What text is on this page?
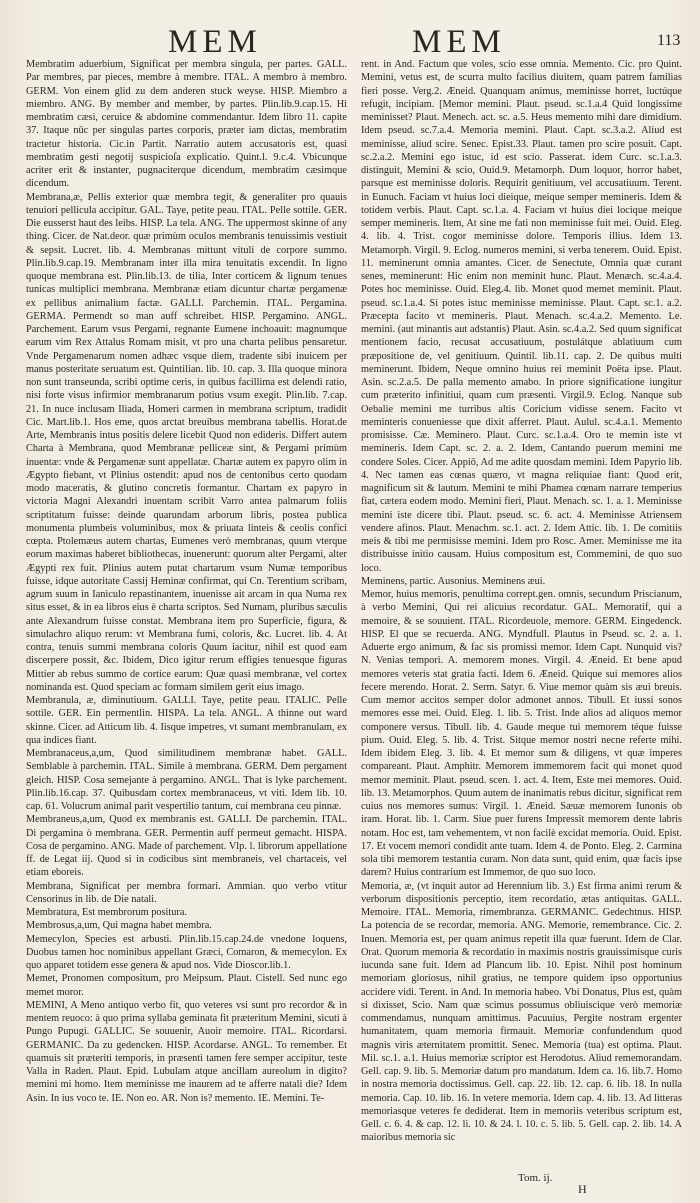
MEM	MEM	113

Membratim aduerbium, Significat per membra singula, per partes. GALL. Par membres, par pieces, membre à membre. ITAL. A membro à membro. GERM. Von einem glid zu dem anderen stuck weyse. HISP. Miembro a miembro. ANG. By member and member, by partes. Plin.lib.9.cap.15. Hi membratim cæsi, ceruice & abdomine commendantur. Idem libro 11. capite 37. Itaque nūc per singulas partes corporis, præter iam dictas, membratim tractetur historia. Cic.in Partit. Narratio autem accusatoris est, quasi membratim gesti negotij suspicioſa explicatio. Quint.l. 9.c.4. Vbicunque acriter erit & instanter, pugnaciterque dicendum, membratim cæsimque dicendum.

Membrana,æ, Pellis exterior quæ membra tegit, & generaliter pro quauis tenuiori pellicula accipitur. GAL. Taye, petite peau. ITAL. Pelle sottile. GER. Die eusserst haut des leibs. HISP. La tela. ANG. The uppermost skinne of any thing. Cicer. de Nat.deor. quæ primùm oculos membranis tenuissimis vestiuit & sepsit. Lucret. lib. 4. Membranas mittunt vituli de corpore summo. Plin.lib.9.cap.19. Membranam inter illa mira tenuitatis excendit. In ligno quoque membrana est. Plin.lib.13. de tilia, Inter corticem & lignum tenues tunicas multiplici membrana. Membranæ etiam dicuntur chartæ pergamenæ ex pellibus animalium factæ. GALLI. Parchemin. ITAL. Pergamina. GERMA. Permendt so man auff schreibet. HISP. Pergamino. ANGL. Parchement. Earum vsus Pergami, regnante Eumene inchoauit: magnumque earum vim Rex Attalus Romam misit, vt pro una charta pelibus pensaretur. Vnde Pergamenarum nomen adhæc vsque diem, tradente sibi inuicem per manus posteritate seruatum est. Quintilian. lib. 10. cap. 3. Illa quoque minora non sunt transeunda, scribi optime ceris, in quibus facillima est delendi ratio, nisi forte visus infirmior membranarum potius vsum exegit. Plin.lib. 7.cap. 21. In nuce inclusam Iliada, Homeri carmen in membrana scriptum, tradidit Cic. Mart.lib.1. Hos eme, quos arctat breuibus membrana tabellis. Horat.de Arte, Membranis intus positis delere licebit Quod non edideris. Differt autem Charta à Membrana, quod Membranæ pelliceæ sint, & Pergami primùm inuentæ: vnde & Pergamenæ sunt appellatæ. Chartæ autem ex papyro olim in Ægypto fiebant, vt Plinius ostendit: apud nos de centonibus certo quodam modo maceratis, & glutino concretis formantur. Chartam ex papyro in victoria Magni Alexandri inuentam scribit Varro antea palmarum foliis scriptitatum fuisse: deinde quarundam arborum libris, postea publica monumenta plumbeis voluminibus, mox & priuata linteis & ceolis confici cœpta. Ptolemæus autem chartas, Eumenes verò membranas, quum vterque eorum maximas haberet bibliothecas, inuenerunt: quorum alter Pergami, alter Ægypti rex fuit. Plinius autem putat chartarum vsum Numæ temporibus fuisse, idque autoritate Cassij Heminæ confirmat, qui Cn. Terentium scribam, agrum suum in Ianiculo repastinantem, inuenisse ait arcam in qua Numa rex situs esset, & in ea libros eius è charta scriptos. Sed Numam, pluribus sæculis ante Alexandrum fuisse constat. Membrana item pro Superficie, figura, & simulachro aliquo rerum: vt Membrana fumi, coloris, &c. Lucret. lib. 4. At contra, tenuis summi membrana coloris Quum iacitur, nihil est quod eam discerpere possit, &c. Ibidem, Dico igitur rerum effigies tenuesque figuras Mittier ab rebus summo de cortice earum: Quæ quasi membranæ, vel cortex nominanda est. Quod speciam ac formam similem gerit eius imago.

Membranula, æ, diminutiuum. GALLI. Taye, petite peau. ITALIC. Pelle sottile. GER. Ein permentlin. HISPA. La tela. ANGL. A thinne out ward skinne. Cicer. ad Atticum lib. 4. Iisque impetres, vt sumant membranulam, ex qua indices fiant.

Membranaceus,a,um, Quod similitudinem membranæ habet. GALL. Semblable à parchemin. ITAL. Simile à membrana. GERM. Dem pergament gleich. HISP. Cosa semejante à pergamino. ANGL. That is lyke parchement. Plin.lib.16.cap. 37. Quibusdam cortex membranaceus, vt viti. Idem lib. 10. cap. 61. Volucrum animal parit vespertilio tantum, cui membrana ceu pinnæ.

Membraneus,a,um, Quod ex membranis est. GALLI. De parchemin. ITAL. Di pergamina ò membrana. GER. Permentin auff permeut gemacht. HISPA. Cosa de pergamino. ANG. Made of parchement. Vlp. l. librorum appellatione ff. de Legat iij. Quod si in codicibus sint membraneis, vel chartaceis, vel etiam eboreis.

Membrana, Significat per membra formari. Ammian. quo verbo vtitur Censorinus in lib. de Die natali.

Membratura, Est membrorum positura.

Membrosus,a,um, Qui magna habet membra.

Memecylon, Species est arbusti. Plin.lib.15.cap.24.de vnedone loquens, Duobus tamen hoc nominibus appellant Græci, Comaron, & memecylon. Ex quo apparet totidem esse genera & apud nos. Vide Dioscor.lib.1.

Memet, Pronomen compositum, pro Meipsum. Plaut. Cistell. Sed nunc ego memet moror.

MEMINI, A Meno antiquo verbo fit, quo veteres vsi sunt pro recordor & in mentem reuoco: à quo prima syllaba geminata fit præteritum Memini, sicuti à Pungo Pupugi. GALLIC. Se souuenir, Auoir memoire. ITAL. Ricordarsi. GERMANIC. Da zu gedencken. HISP. Acordarse. ANGL. To remember. Et quamuis sit præteriti temporis, in præsenti tamen fere semper accipitur, teste Valla in Raden. Plaut. Epid. Lubulam atque ancillam aureolum in digito? memini mi homo. Item meminisse me inaurem ad te afferre natali die? Idem Asin. In ius voco te. IE. Non eo. AR. Non is? memento. IE. Memini. Te-

rent. in And. Factum que voles, scio esse omnia. Memento. Cic. pro Quint. Memini, vetus est, de scurra multo facilius diuitem, quam patrem familias fieri posse. Verg.2. Æneid. Quanquam animus, meminisse horret, luctúque refugit, incipiam. [Memor memini. Plaut. pseud. sc.1.a.4 Quid longissime meminisset? Plaut. Menech. act. sc. a.5. Heus memento mihi dare dimidium. Idem pseud. sc.7.a.4. Memoria memini. Plaut. Capt. sc.3.a.2. Aliud est meminisse, aliud scire. Senec. Epist.33. Plaut. tamen pro scire posuit. Capt. sc.2.a.2. Memini ego istuc, id est scio. Passerat. idem Curc. sc.1.a.3. distinguit, Memini & scio, Ouid.9. Metamorph. Dum loquor, horror habet, parsque est meminisse doloris. Requirit genitiuum, vel accusatiuum. Terent. in Eunuch. Faciam vt huius loci dieique, meique semper memineris. Idem & totidem verbis. Plaut. Capt. sc.1.a. 4. Faciam vt huius diei locique meique semper memineris. Item, At sine me fati non meminisse fuit mei. Ouid. Eleg. 4. lib. 4. Trist. cogor meminisse dolore. Temporis illius. Idem 13. Metamorph. Virgil. 9. Eclog. numeros memini, si verba tenerem. Ouid. Epist. 11. meminerunt omnia amantes. Cicer. de Senectute, Omnia quæ curant senes, meminerunt: Hic enim non meminit hunc. Plaut. Menæch. sc.4.a.4. Potes hoc meminisse. Ouid. Eleg.4. lib. Monet quod memet meminit. Plaut. pseud. sc.1.a.4. Si potes istuc meminisse meminisse. Plaut. Capt. sc.1. a.2. Præcepta facito vt memineris. Plaut. Menach. sc.4.a.2. Memento. Le. memini. (aut minantis aut adstantis) Plaut. Asin. sc.4.a.2. Sed quum significat mentionem facio, recusat accusatiuum, postulátque ablatiuum cum præpositione de, vel genitiuum. Quintil. lib.11. cap. 2. De quibus multi meminerunt. Ibidem, Neque omnino huius rei meminit Poëta ipse. Plaut. Asin. sc.2.a.5. De palla memento amabo. In priore significatione iungitur cum præterito infinitiui, quam cum præsenti. Virgil.9. Eclog. Nanque sub Oebalie memini me turribus altis Coricium vidisse senem. Facito vt meminteris conueniesse que dixit afferret. Plaut. Aulul. sc.4.a.1. Memento promisisse. Cæ. Meminero. Plaut. Curc. sc.1.a.4. Oro te memin iste vt memineris. Idem Capt. sc. 2. a. 2. Idem, Cantando puerum memini me condere Soles. Cicer. Appiō, Ad me adite quosdam memini. Idem Papyrio lib. 4. Nec tamen eas cœnas quæro, vt magna reliquiae fiant: Quod erit, magnificum sit & lautum. Memini te mihi Phamea cœnam narrare temperius fiat, cætera eodem modo. Memini fieri, Plaut. Menach. sc. 1. a. 1. Meminisse memini iste dicere tibi. Plaut. pseud. sc. 6. act. 4. Meminisse Atriensem vendere afinos. Plaut. Menachm. sc.1. act. 2. Idem Attic. lib. 1. De comitiis meis & tibi me permisisse memini. Idem pro Rosc. Amer. Meminisse me ita distribuisse initio causam. Huius compositum est, Commemini, de quo suo loco.

Meminens, partic. Ausonius. Meminens æui.

Memor, huius memoris, penultima corrept.gen. omnis, secundum Priscianum, à verbo Memini, Qui rei alicuius recordatur. GAL. Memoratif, qui a memoire, & se souuient. ITAL. Ricordeuole, memore. GERM. Eingedenck. HISP. El que se recuerda. ANG. Myndfull. Plautus in Pseud. sc. 2. a. 1. Aduerte ergo animum, & fac sis promissi memor. Idem Capt. Nunquid vis? N. Venias tempori. A. memorem mones. Virgil. 4. Æneid. Et bene apud memores veteris stat gratia facti. Idem 6. Æneid. Quique sui memores alios fecere merendo. Horat. 2. Serm. Satyr. 6. Viue memor quàm sis æui breuis. Cum memor accitos semper dolor admonet annos. Tibull. Et iussi sonos memores esse mei. Ouid. Eleg. 1. lib. 5. Trist. Inde alios ad aliquos memor componere versus. Tibull. lib. 4. Gaude meque tui memorem téque fuisse pium. Ouid. Eleg. 5. lib. 4. Trist. Sitque memor nostri necne referte mihi. Idem ibidem Eleg. 3. lib. 4. Et memor sum & diligens, vt quæ imperes compareant. Plaut. Amphitr. Memorem immemorem facit qui monet quod memor meminit. Plaut. pseud. scen. 1. act. 4. Item, Este mei memores. Ouid. lib. 13. Metamorphos. Quum autem de inanimatis rebus dicitur, significat rem cuius nos memores sumus: Virgil. 1. Æneid. Sæuæ memorem Iunonis ob iram. Horat. lib. 1. Carm. Siue puer furens Impressit memorem dente labris notam. Hoc est, tam vehementem, vt non facilè excidat memoria. Ouid. Epist. 17. Et vocem memori condidit ante tuam. Idem 4. de Ponto. Eleg. 2. Carmina sola tibi memorem testantia curam. Non data sunt, quid enim, quæ facis ipse darem? Huius contrarium est Immemor, de quo suo loco.

Memoria, æ, (vt inquit autor ad Herennium lib. 3.) Est firma animi rerum & verborum dispositionis perceptio, item recordatio, ætas antiquitas. GALL. Memoire. ITAL. Memoria, rimembranza. GERMANIC. Gedechtnus. HISP. La potencia de se recordar, memoria. ANG. Memorie, remembrance. Cic. 2. Inuen. Memoria est, per quam animus repetit illa quæ fuerunt. Idem de Clar. Orat. Quorum memoria & recordatio in maximis nostris grauissimisque curis iucunda sane fuit. Idem ad Plancum lib. 10. Epist. Nihil post hominum memoriam gloriosus, nihil gratius, ne tempore quidem ipso opportunius accidere vidi. Terent. in And. In memoria habeo. Vbi Donatus, Plus est, quàm si dixisset, Scio. Nam quæ scimus possumus obliuiscique verò memoriæ commendamus, nunquam amittimus. Pacuuius, Pergite nostram ergenter humanitatem, quam memoria firmauit. Memoriæ confundendum quod magnis viris æternitatem promittit. Senec. Memoria (tua) est optima. Plaut. Mil. sc.1. a.1. Huius memoriæ scriptor est Herodotus. Aliud rememorandam. Gell. cap. 9. lib. 5. Memoriæ datum pro mandatum. Idem ca. 16. lib.7. Homo in nostra memoria doctissimus. Gell. cap. 22. lib. 12. cap. 6. lib. 18. In nulla memoria. Cap. 10. lib. 16. In vetere memoria. Idem cap. 4. lib. 13. Ad litteras memoriasque veteres fe dediderat. Item in memoriis veteribus scriptum est, Gell. c. 6. 4. & cap. 12. li. 10. & 24. l. 10. c. 5. lib. 5. Gell. cap. 2. lib. 14. A maioribus memoria sic

Tom. ij.
H
